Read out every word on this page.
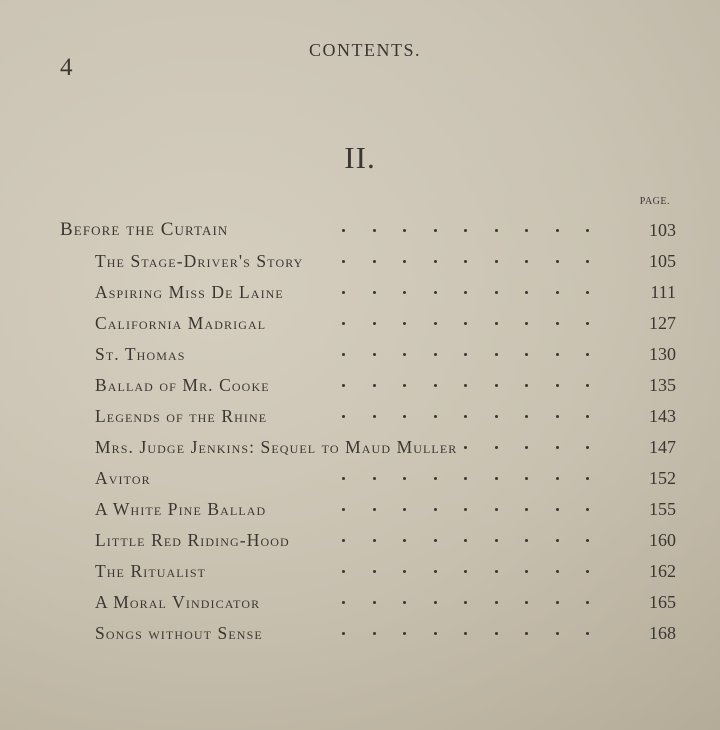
4
CONTENTS.
II.
PAGE.
Before the Curtain	103
The Stage-Driver's Story	105
Aspiring Miss De Laine	111
California Madrigal	127
St. Thomas	130
Ballad of Mr. Cooke	135
Legends of the Rhine	143
Mrs. Judge Jenkins: Sequel to Maud Muller	147
Avitor	152
A White Pine Ballad	155
Little Red Riding-Hood	160
The Ritualist	162
A Moral Vindicator	165
Songs without Sense	168
